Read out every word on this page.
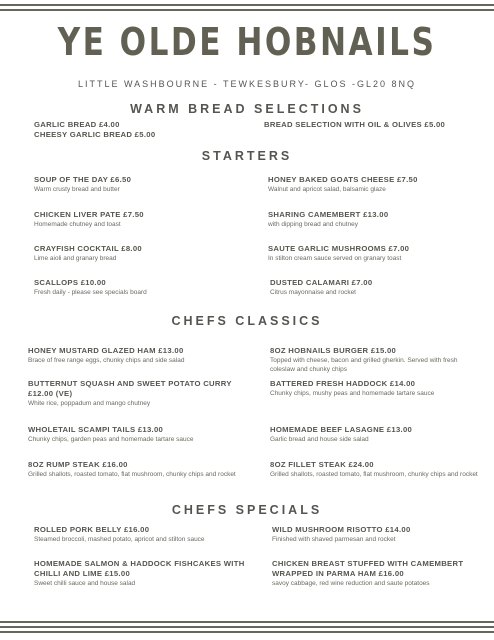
YE OLDE HOBNAILS
LITTLE WASHBOURNE - TEWKESBURY- GLOS -GL20 8NQ
WARM BREAD SELECTIONS
GARLIC BREAD £4.00
CHEESY GARLIC BREAD £5.00
BREAD SELECTION WITH OIL & OLIVES £5.00
STARTERS
SOUP OF THE DAY £6.50
Warm crusty bread and butter
HONEY BAKED GOATS CHEESE £7.50
Walnut and apricot salad, balsamic glaze
CHICKEN LIVER PATE £7.50
Homemade chutney and toast
SHARING CAMEMBERT £13.00
with dipping bread and chutney
CRAYFISH COCKTAIL £8.00
Lime aioli and granary bread
SAUTE GARLIC MUSHROOMS £7.00
In stilton cream sauce served on granary toast
SCALLOPS £10.00
Fresh daily - please see specials board
DUSTED CALAMARI £7.00
Citrus mayonnaise and rocket
CHEFS CLASSICS
HONEY MUSTARD GLAZED HAM £13.00
Brace of free range eggs, chunky chips and side salad
8OZ HOBNAILS BURGER £15.00
Topped with cheese, bacon and grilled gherkin. Served with fresh coleslaw and chunky chips
BUTTERNUT SQUASH AND SWEET POTATO CURRY £12.00 (VE)
White rice, poppadum and mango chutney
BATTERED FRESH HADDOCK £14.00
Chunky chips, mushy peas and homemade tartare sauce
WHOLETAIL SCAMPI TAILS £13.00
Chunky chips, garden peas and homemade tartare sauce
HOMEMADE BEEF LASAGNE £13.00
Garlic bread and house side salad
8OZ RUMP STEAK £16.00
Grilled shallots, roasted tomato, flat mushroom, chunky chips and rocket
8OZ FILLET STEAK £24.00
Grilled shallots, roasted tomato, flat mushroom, chunky chips and rocket
CHEFS SPECIALS
ROLLED PORK BELLY £16.00
Steamed broccoli, mashed potato, apricot and stilton sauce
WILD MUSHROOM RISOTTO £14.00
Finished with shaved parmesan and rocket
HOMEMADE SALMON & HADDOCK FISHCAKES WITH CHILLI AND LIME £15.00
Sweet chilli sauce and house salad
CHICKEN BREAST STUFFED WITH CAMEMBERT WRAPPED IN PARMA HAM £16.00
savoy cabbage, red wine reduction and saute potatoes
